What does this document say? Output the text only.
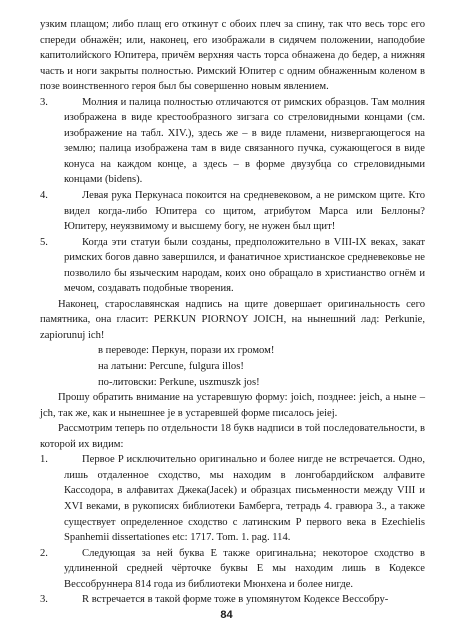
узким плащом; либо плащ его откинут с обоих плеч за спину, так что весь торс его спереди обнажён; или, наконец, его изображали в сидячем положении, наподобие капитолийского Юпитера, причём верхняя часть торса обнажена до бедер, а нижняя часть и ноги закрыты полностью. Римский Юпитер с одним обнаженным коленом в позе воинственного героя был бы совершенно новым явлением.

3.	Молния и палица полностью отличаются от римских образцов. Там молния изображена в виде крестообразного зигзага со стреловидными концами (см. изображение на табл. XIV.), здесь же – в виде пламени, низвергающегося на землю; палица изображена там в виде связанного пучка, сужающегося в виде конуса на каждом конце, а здесь – в форме двузубца со стреловидными концами (bidens).
4.	Левая рука Перкунаса покоится на средневековом, а не римском щите. Кто видел когда-либо Юпитера со щитом, атрибутом Марса или Беллоны? Юпитеру, неуязвимому и высшему богу, не нужен был щит!
5.	Когда эти статуи были созданы, предположительно в VIII-IX веках, закат римских богов давно завершился, и фанатичное христианское средневековье не позволило бы языческим народам, коих оно обращало в христианство огнём и мечом, создавать подобные творения.

Наконец, старославянская надпись на щите довершает оригинальность сего памятника, она гласит: PERKUN PIORNOY JOICH, на нынешний лад: Perkunie, zapiorunuj ich!

в переводе: Перкун, порази их громом!
на латыни: Percune, fulgura illos!
по-литовски: Perkune, uszmuszk jos!

Прошу обратить внимание на устаревшую форму: joich, позднее: jeich, а ныне – jch, так же, как и нынешнее je в устаревшей форме писалось jeiej.

Рассмотрим теперь по отдельности 18 букв надписи в той последовательности, в которой их видим:

1.	Первое P исключительно оригинально и более нигде не встречается. Одно, лишь отдаленное сходство, мы находим в лонгобардийском алфавите Кассодора, в алфавитах Джека(Jacek) и образцах письменности между VIII и XVI веками, в рукописях библиотеки Бамберга, тетрадь 4. гравюра 3., а также существует определенное сходство с латинским P первого века в Ezechielis Spanhemii dissertationes etc: 1717. Tom. 1. pag. 114.
2.	Следующая за ней буква E также оригинальна; некоторое сходство в удлиненной средней чёрточке буквы E мы находим лишь в Кодексе Вессобруннера 814 года из библиотеки Мюнхена и более нигде.
3.	R встречается в такой форме тоже в упомянутом Кодексе Вессобру-
84
